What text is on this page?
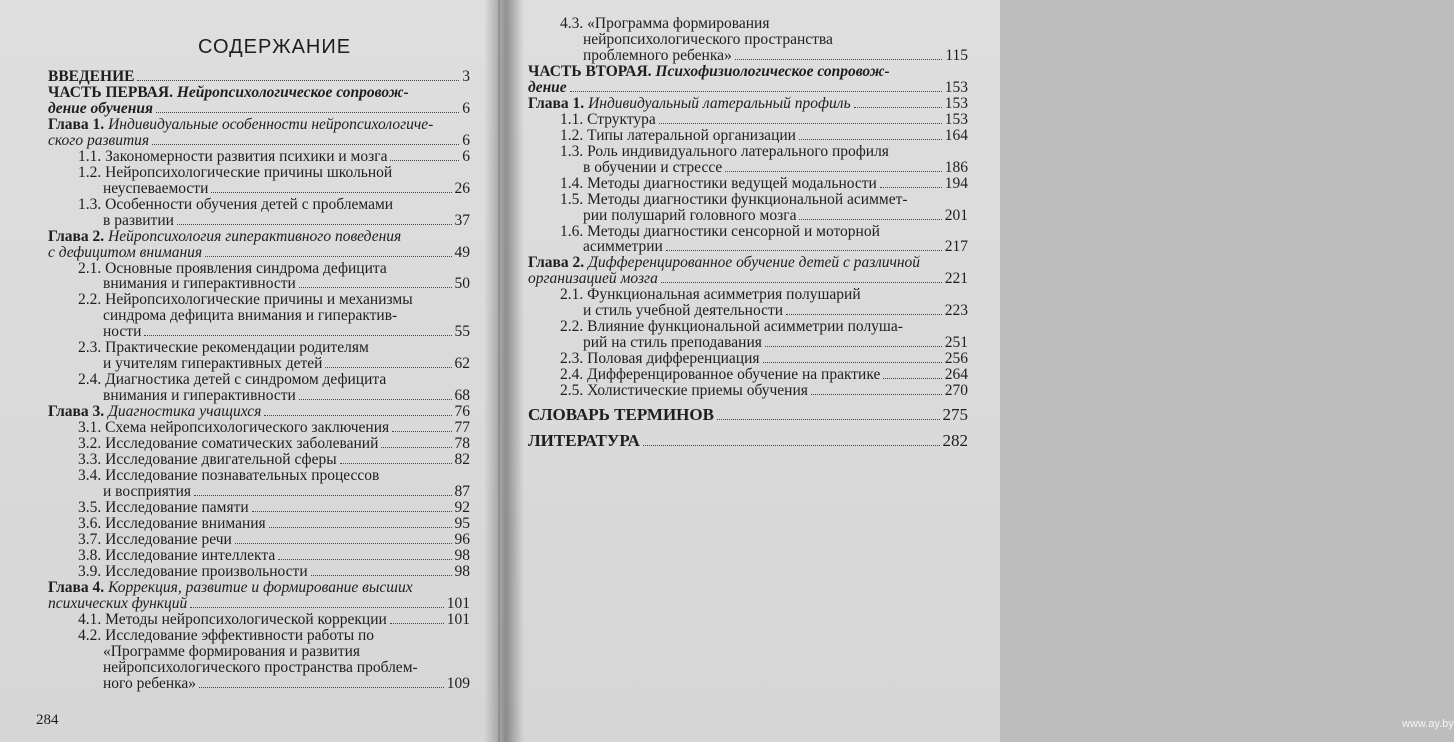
СОДЕРЖАНИЕ
ВВЕДЕНИЕ	3
ЧАСТЬ ПЕРВАЯ. Нейропсихологическое сопровож-
дение обучения	6
Глава 1. Индивидуальные особенности нейропсихологиче-
ского развития	6
1.1. Закономерности развития психики и мозга	6
1.2. Нейропсихологические причины школьной
неуспеваемости	26
1.3. Особенности обучения детей с проблемами
в развитии	37
Глава 2. Нейропсихология гиперактивного поведения
с дефицитом внимания	49
2.1. Основные проявления синдрома дефицита
внимания и гиперактивности	50
2.2. Нейропсихологические причины и механизмы
синдрома дефицита внимания и гиперактив-
ности	55
2.3. Практические рекомендации родителям
и учителям гиперактивных детей	62
2.4. Диагностика детей с синдромом дефицита
внимания и гиперактивности	68
Глава 3. Диагностика учащихся	76
3.1. Схема нейропсихологического заключения	77
3.2. Исследование соматических заболеваний	78
3.3. Исследование двигательной сферы	82
3.4. Исследование познавательных процессов
и восприятия	87
3.5. Исследование памяти	92
3.6. Исследование внимания	95
3.7. Исследование речи	96
3.8. Исследование интеллекта	98
3.9. Исследование произвольности	98
Глава 4. Коррекция, развитие и формирование высших
психических функций	101
4.1. Методы нейропсихологической коррекции	101
4.2. Исследование эффективности работы по
«Программе формирования и развития
нейропсихологического пространства проблем-
ного ребенка»	109
284
4.3. «Программа формирования
нейропсихологического пространства
проблемного ребенка»	115
ЧАСТЬ ВТОРАЯ. Психофизиологическое сопровож-
дение	153
Глава 1. Индивидуальный латеральный профиль	153
1.1. Структура	153
1.2. Типы латеральной организации	164
1.3. Роль индивидуального латерального профиля
в обучении и стрессе	186
1.4. Методы диагностики ведущей модальности	194
1.5. Методы диагностики функциональной асиммет-
рии полушарий головного мозга	201
1.6. Методы диагностики сенсорной и моторной
асимметрии	217
Глава 2. Дифференцированное обучение детей с различной
организацией мозга	221
2.1. Функциональная асимметрия полушарий
и стиль учебной деятельности	223
2.2. Влияние функциональной асимметрии полуша-
рий на стиль преподавания	251
2.3. Половая дифференциация	256
2.4. Дифференцированное обучение на практике	264
2.5. Холистические приемы обучения	270
СЛОВАРЬ ТЕРМИНОВ	275
ЛИТЕРАТУРА	282
www.ay.by
